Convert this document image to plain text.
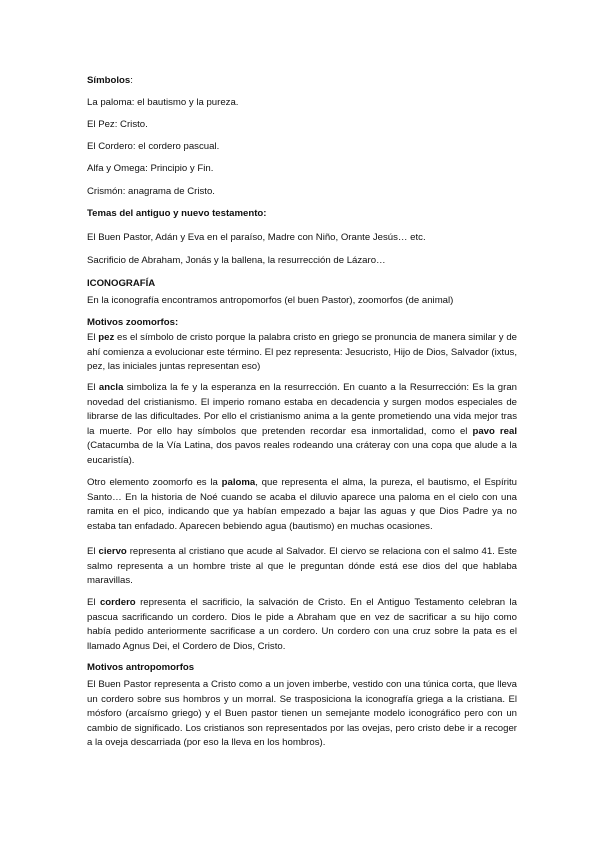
Símbolos:

La paloma: el bautismo y la pureza.

El Pez: Cristo.

El Cordero: el cordero pascual.

Alfa y Omega: Principio y Fin.

Crismón: anagrama de Cristo.

Temas del antiguo y nuevo testamento:

El Buen Pastor, Adán y Eva en el paraíso, Madre con Niño, Orante Jesús… etc.

Sacrificio de Abraham, Jonás y la ballena, la resurrección de Lázaro…

ICONOGRAFÍA

En la iconografía encontramos antropomorfos (el buen Pastor), zoomorfos (de animal)

Motivos zoomorfos:

El pez es el símbolo de cristo porque la palabra cristo en griego se pronuncia de manera similar y de ahí comienza a evolucionar este término. El pez representa: Jesucristo, Hijo de Dios, Salvador (ixtus, pez, las iniciales juntas representan eso)

El ancla simboliza la fe y la esperanza en la resurrección. En cuanto a la Resurrección: Es la gran novedad del cristianismo. El imperio romano estaba en decadencia y surgen modos especiales de librarse de las dificultades. Por ello el cristianismo anima a la gente prometiendo una vida mejor tras la muerte. Por ello hay símbolos que pretenden recordar esa inmortalidad, como el pavo real (Catacumba de la Vía Latina, dos pavos reales rodeando una cráteray con una copa que alude a la eucaristía).

Otro elemento zoomorfo es la paloma, que representa el alma, la pureza, el bautismo, el Espíritu Santo… En la historia de Noé cuando se acaba el diluvio aparece una paloma en el cielo con una ramita en el pico, indicando que ya habían empezado a bajar las aguas y que Dios Padre ya no estaba tan enfadado. Aparecen bebiendo agua (bautismo) en muchas ocasiones.

El ciervo representa al cristiano que acude al Salvador. El ciervo se relaciona con el salmo 41. Este salmo representa a un hombre triste al que le preguntan dónde está ese dios del que hablaba maravillas.

El cordero representa el sacrificio, la salvación de Cristo. En el Antiguo Testamento celebran la pascua sacrificando un cordero. Dios le pide a Abraham que en vez de sacrificar a su hijo como había pedido anteriormente sacrificase a un cordero. Un cordero con una cruz sobre la pata es el llamado Agnus Dei, el Cordero de Dios, Cristo.

Motivos antropomorfos

El Buen Pastor representa a Cristo como a un joven imberbe, vestido con una túnica corta, que lleva un cordero sobre sus hombros y un morral. Se trasposiciona la iconografía griega a la cristiana. El mósforo (arcaísmo griego) y el Buen pastor tienen un semejante modelo iconográfico pero con un cambio de significado. Los cristianos son representados por las ovejas, pero cristo debe ir a recoger a la oveja descarriada (por eso la lleva en los hombros).
